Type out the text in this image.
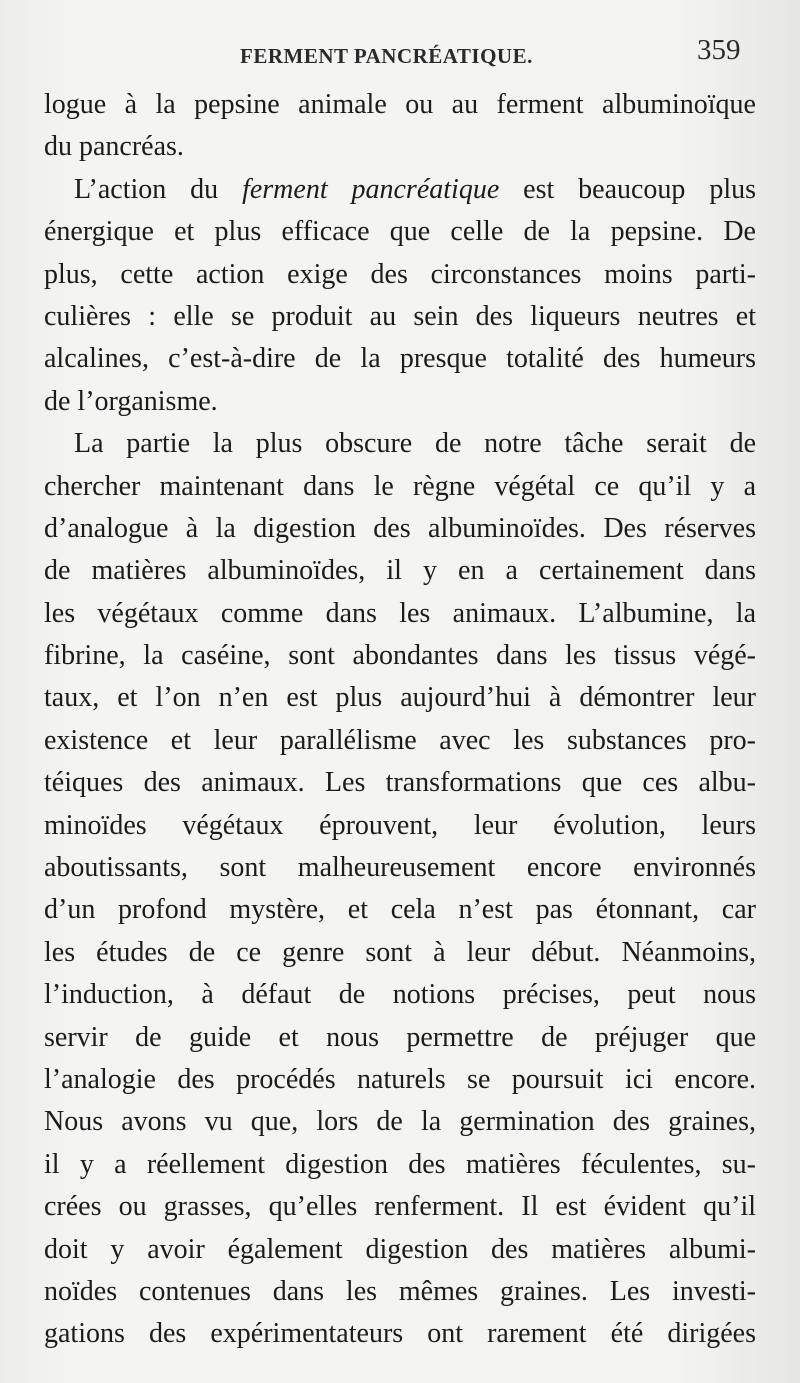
FERMENT PANCRÉATIQUE.	359
logue à la pepsine animale ou au ferment albuminoïque
du pancréas.
L’action du ferment pancréatique est beaucoup plus
énergique et plus efficace que celle de la pepsine. De
plus, cette action exige des circonstances moins parti-
culières : elle se produit au sein des liqueurs neutres et
alcalines, c’est-à-dire de la presque totalité des humeurs
de l’organisme.
La partie la plus obscure de notre tâche serait de
chercher maintenant dans le règne végétal ce qu’il y a
d’analogue à la digestion des albuminoïdes. Des réserves
de matières albuminoïdes, il y en a certainement dans
les végétaux comme dans les animaux. L’albumine, la
fibrine, la caséine, sont abondantes dans les tissus végé-
taux, et l’on n’en est plus aujourd’hui à démontrer leur
existence et leur parallélisme avec les substances pro-
téiques des animaux. Les transformations que ces albu-
minoïdes végétaux éprouvent, leur évolution, leurs
aboutissants, sont malheureusement encore environnés
d’un profond mystère, et cela n’est pas étonnant, car
les études de ce genre sont à leur début. Néanmoins,
l’induction, à défaut de notions précises, peut nous
servir de guide et nous permettre de préjuger que
l’analogie des procédés naturels se poursuit ici encore.
Nous avons vu que, lors de la germination des graines,
il y a réellement digestion des matières féculentes, su-
crées ou grasses, qu’elles renferment. Il est évident qu’il
doit y avoir également digestion des matières albumi-
noïdes contenues dans les mêmes graines. Les investi-
gations des expérimentateurs ont rarement été dirigées
